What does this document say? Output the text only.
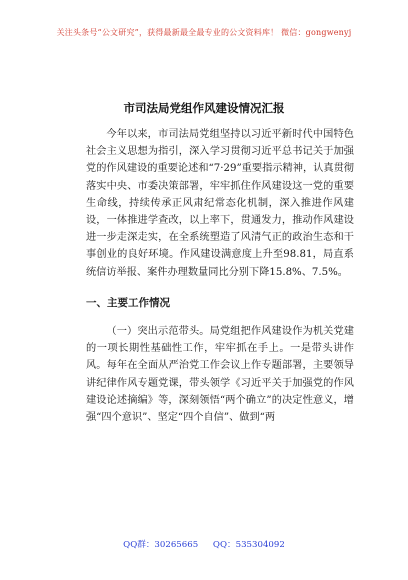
关注头条号“公文研究”，获得最新最全最专业的公文资料库！ 微信：gongwenyj
市司法局党组作风建设情况汇报

今年以来，市司法局党组坚持以习近平新时代中国特色社会主义思想为指引，深入学习贯彻习近平总书记关于加强党的作风建设的重要论述和“7·29”重要指示精神，认真贯彻落实中央、市委决策部署，牢牢抓住作风建设这一党的重要生命线，持续传承正风肃纪常态化机制，深入推进作风建设，一体推进学查改，以上率下，贯通发力，推动作风建设进一步走深走实，在全系统塑造了风清气正的政治生态和干事创业的良好环境。作风建设满意度上升至98.81，局直系统信访举报、案件办理数量同比分别下降15.8%、7.5%。

一、主要工作情况

（一）突出示范带头。局党组把作风建设作为机关党建的一项长期性基础性工作，牢牢抓在手上。一是带头讲作风。每年在全面从严治党工作会议上作专题部署，主要领导讲纪律作风专题党课，带头领学《习近平关于加强党的作风建设论述摘编》等，深刻领悟“两个确立”的决定性意义，增强“四个意识”、坚定“四个自信”、做到“两

QQ群：30265665 QQ：535304092
